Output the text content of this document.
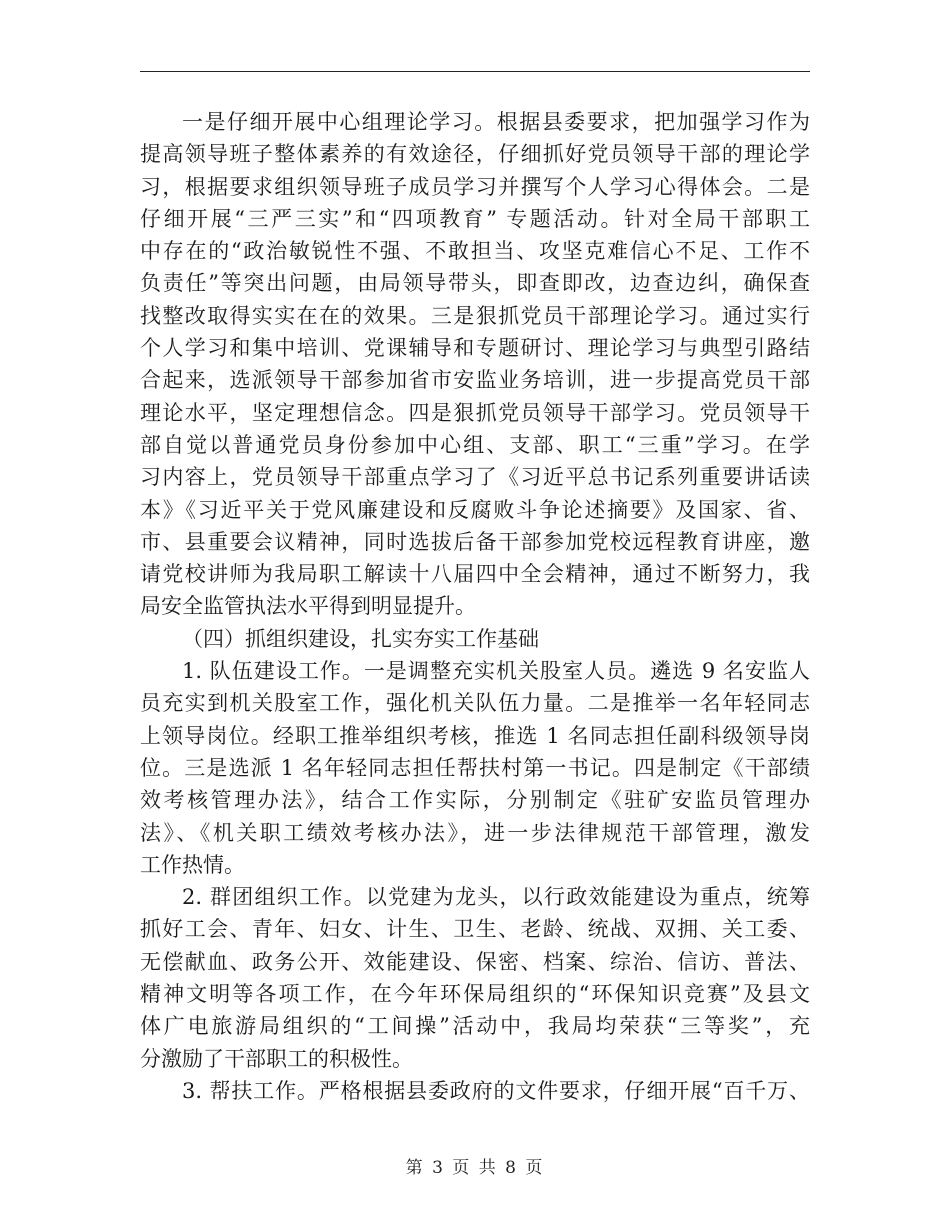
一是仔细开展中心组理论学习。根据县委要求，把加强学习作为
提高领导班子整体素养的有效途径，仔细抓好党员领导干部的理论学
习，根据要求组织领导班子成员学习并撰写个人学习心得体会。二是
仔细开展“三严三实”和“四项教育” 专题活动。针对全局干部职工
中存在的“政治敏锐性不强、不敢担当、攻坚克难信心不足、工作不
负责任”等突出问题，由局领导带头，即查即改，边查边纠，确保查
找整改取得实实在在的效果。三是狠抓党员干部理论学习。通过实行
个人学习和集中培训、党课辅导和专题研讨、理论学习与典型引路结
合起来，选派领导干部参加省市安监业务培训，进一步提高党员干部
理论水平，坚定理想信念。四是狠抓党员领导干部学习。党员领导干
部自觉以普通党员身份参加中心组、支部、职工“三重”学习。在学
习内容上，党员领导干部重点学习了《习近平总书记系列重要讲话读
本》《习近平关于党风廉建设和反腐败斗争论述摘要》及国家、省、
市、县重要会议精神，同时选拔后备干部参加党校远程教育讲座，邀
请党校讲师为我局职工解读十八届四中全会精神，通过不断努力，我
局安全监管执法水平得到明显提升。
（四）抓组织建设，扎实夯实工作基础
1. 队伍建设工作。一是调整充实机关股室人员。遴选 9 名安监人
员充实到机关股室工作，强化机关队伍力量。二是推举一名年轻同志
上领导岗位。经职工推举组织考核，推选 1 名同志担任副科级领导岗
位。三是选派 1 名年轻同志担任帮扶村第一书记。四是制定《干部绩
效考核管理办法》，结合工作实际，分别制定《驻矿安监员管理办
法》、《机关职工绩效考核办法》，进一步法律规范干部管理，激发
工作热情。
2. 群团组织工作。以党建为龙头，以行政效能建设为重点，统筹
抓好工会、青年、妇女、计生、卫生、老龄、统战、双拥、关工委、
无偿献血、政务公开、效能建设、保密、档案、综治、信访、普法、
精神文明等各项工作，在今年环保局组织的“环保知识竞赛”及县文
体广电旅游局组织的“工间操”活动中，我局均荣获“三等奖”，充
分激励了干部职工的积极性。
3. 帮扶工作。严格根据县委政府的文件要求，仔细开展“百千万、
第 3 页 共 8 页
